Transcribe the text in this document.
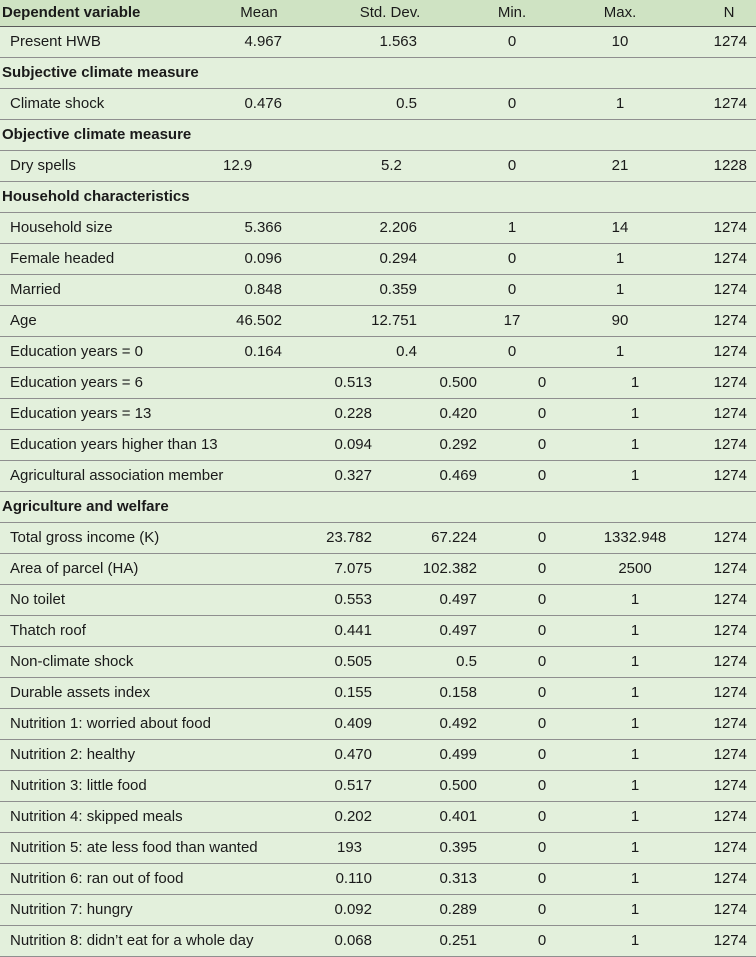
Dependent variable	Mean	Std. Dev.	Min.	Max.	N
Present HWB	4.967	1.563	0	10	1274
Subjective climate measure
Climate shock	0.476	0.5	0	1	1274
Objective climate measure
Dry spells	12.9	5.2	0	21	1228
Household characteristics
Household size	5.366	2.206	1	14	1274
Female headed	0.096	0.294	0	1	1274
Married	0.848	0.359	0	1	1274
Age	46.502	12.751	17	90	1274
Education years = 0	0.164	0.4	0	1	1274
Education years = 6	0.513	0.500	0	1	1274
Education years = 13	0.228	0.420	0	1	1274
Education years higher than 13	0.094	0.292	0	1	1274
Agricultural association member	0.327	0.469	0	1	1274
Agriculture and welfare
Total gross income (K)	23.782	67.224	0	1332.948	1274
Area of parcel (HA)	7.075	102.382	0	2500	1274
No toilet	0.553	0.497	0	1	1274
Thatch roof	0.441	0.497	0	1	1274
Non-climate shock	0.505	0.5	0	1	1274
Durable assets index	0.155	0.158	0	1	1274
Nutrition 1: worried about food	0.409	0.492	0	1	1274
Nutrition 2: healthy	0.470	0.499	0	1	1274
Nutrition 3: little food	0.517	0.500	0	1	1274
Nutrition 4: skipped meals	0.202	0.401	0	1	1274
Nutrition 5: ate less food than wanted	193	0.395	0	1	1274
Nutrition 6: ran out of food	0.110	0.313	0	1	1274
Nutrition 7: hungry	0.092	0.289	0	1	1274
Nutrition 8: didn’t eat for a whole day	0.068	0.251	0	1	1274
